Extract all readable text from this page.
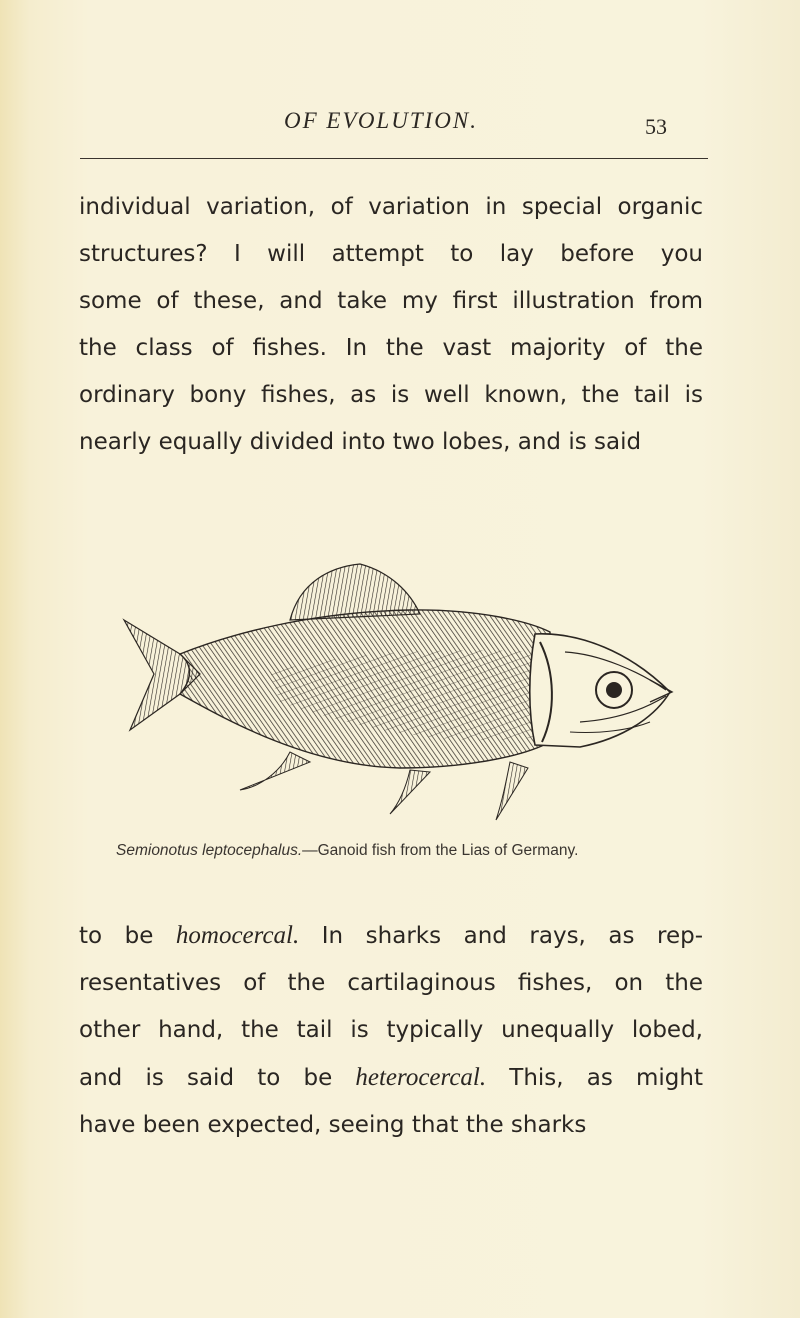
OF EVOLUTION.	53

individual variation, of variation in special organic
structures? I will attempt to lay before you
some of these, and take my first illustration from
the class of fishes. In the vast majority of the
ordinary bony fishes, as is well known, the tail is
nearly equally divided into two lobes, and is said

Semionotus leptocephalus.—Ganoid fish from the Lias of Germany.

to be homocercal. In sharks and rays, as rep-
resentatives of the cartilaginous fishes, on the
other hand, the tail is typically unequally lobed,
and is said to be heterocercal. This, as might
have been expected, seeing that the sharks
